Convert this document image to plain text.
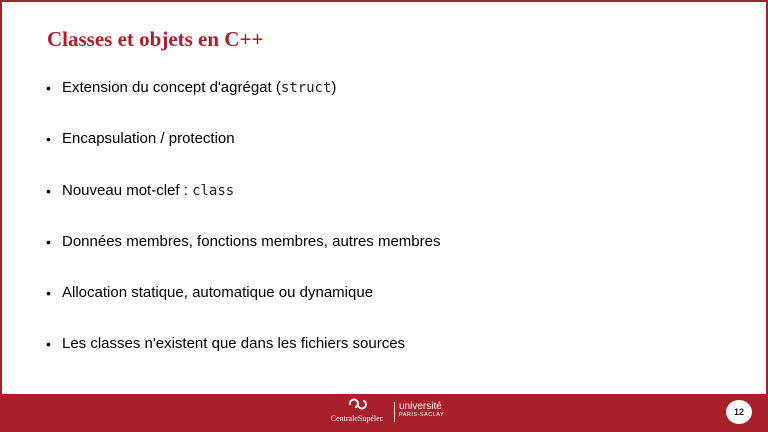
Classes et objets en C++
• Extension du concept d'agrégat (struct)
• Encapsulation / protection
• Nouveau mot-clef : class
• Données membres, fonctions membres, autres membres
• Allocation statique, automatique ou dynamique
• Les classes n'existent que dans les fichiers sources
CentraleSupélec
université
PARIS-SACLAY	12
